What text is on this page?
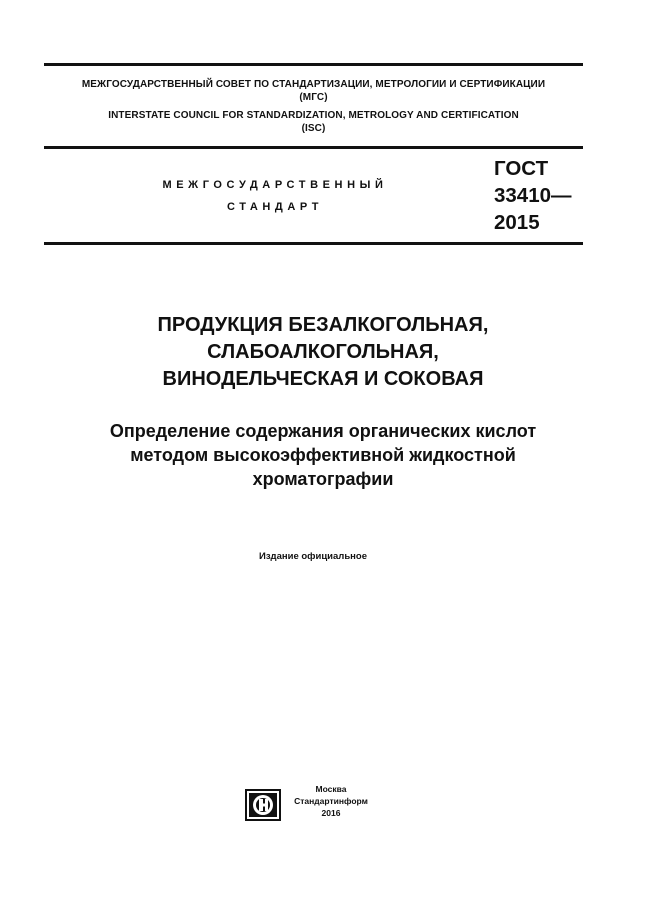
МЕЖГОСУДАРСТВЕННЫЙ СОВЕТ ПО СТАНДАРТИЗАЦИИ, МЕТРОЛОГИИ И СЕРТИФИКАЦИИ
(МГС)
INTERSTATE COUNCIL FOR STANDARDIZATION, METROLOGY AND CERTIFICATION
(ISC)
МЕЖГОСУДАРСТВЕННЫЙ
СТАНДАРТ
ГОСТ
33410—
2015
ПРОДУКЦИЯ БЕЗАЛКОГОЛЬНАЯ,
СЛАБОАЛКОГОЛЬНАЯ,
ВИНОДЕЛЬЧЕСКАЯ И СОКОВАЯ
Определение содержания органических кислот
методом высокоэффективной жидкостной
хроматографии
Издание официальное
Москва
Стандартинформ
2016
